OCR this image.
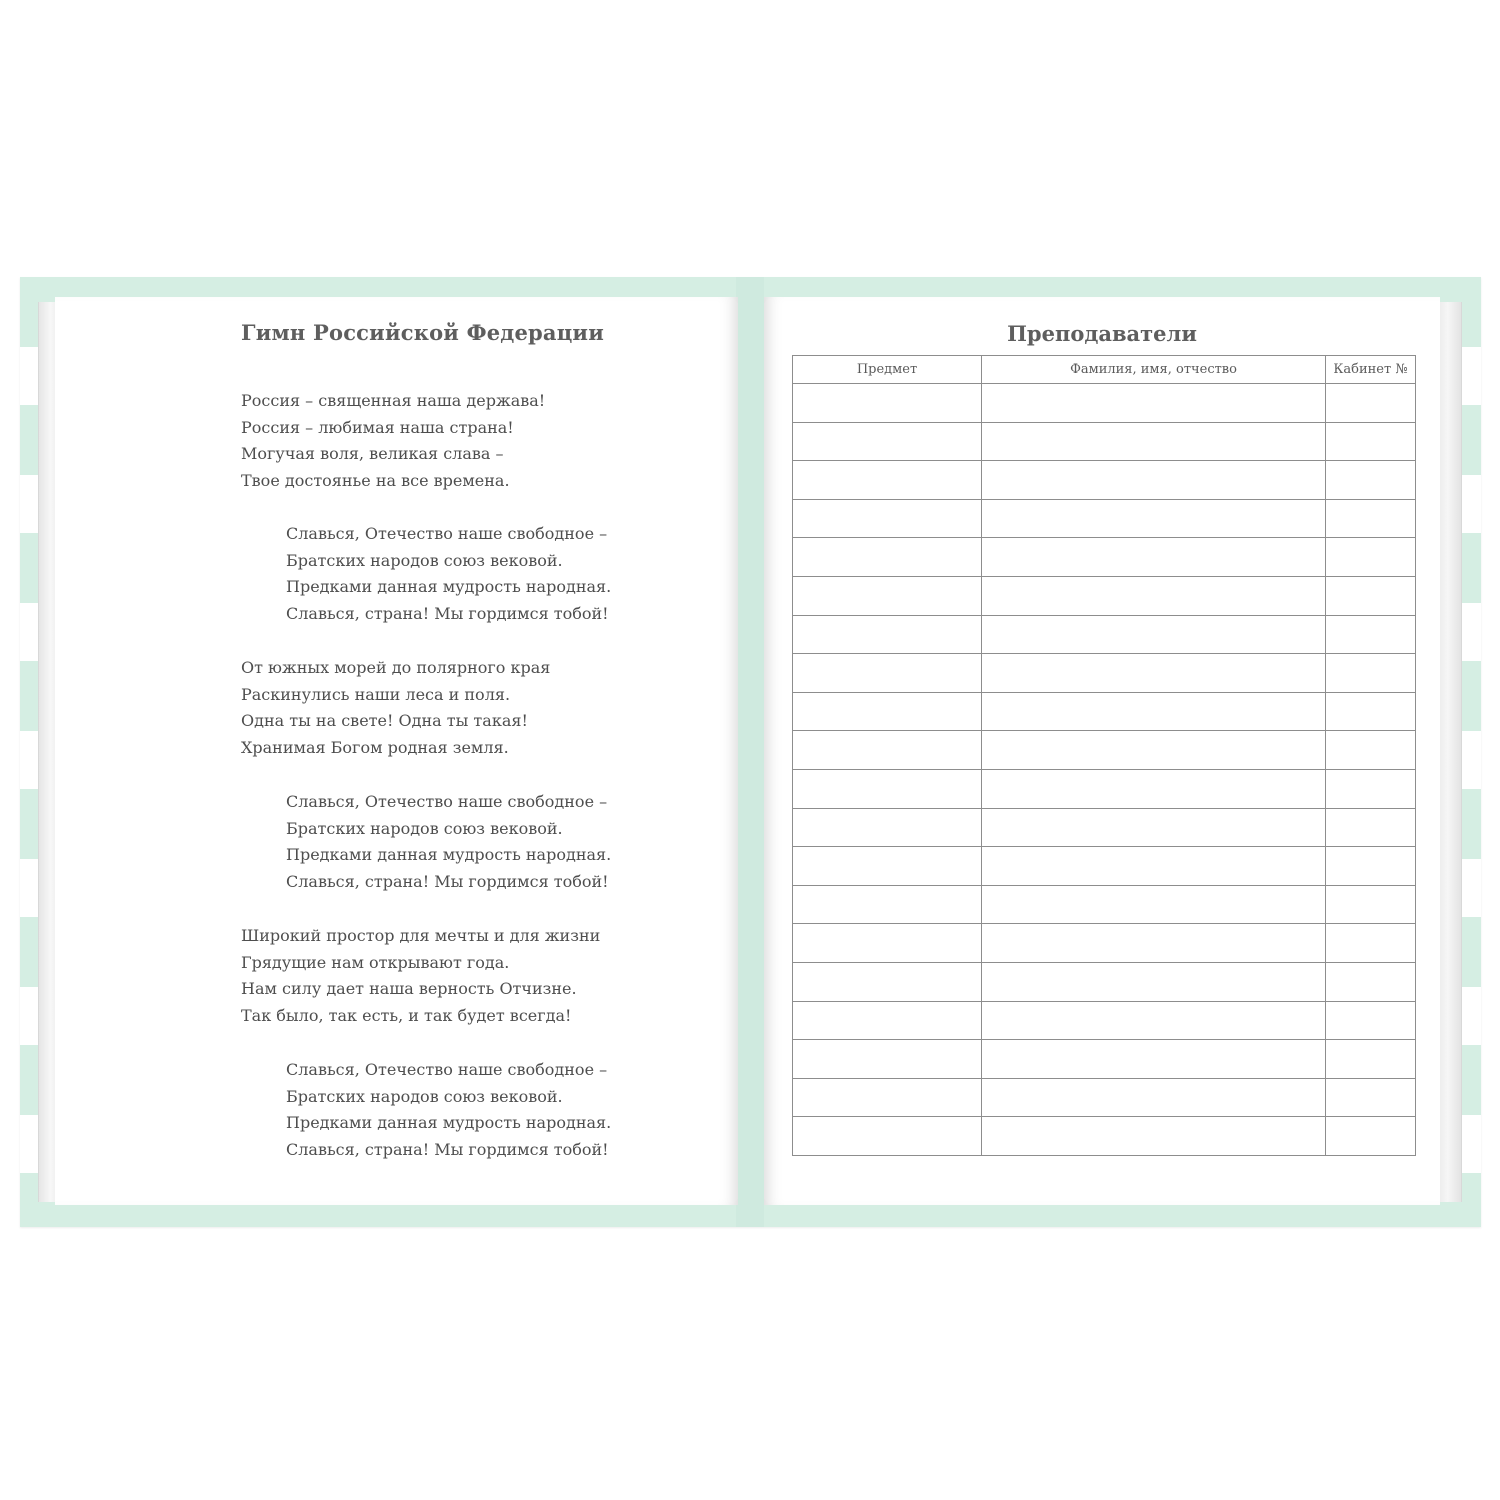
Гимн Российской Федерации
Россия – священная наша держава!
Россия – любимая наша страна!
Могучая воля, великая слава –
Твое достоянье на все времена.
Славься, Отечество наше свободное –
Братских народов союз вековой.
Предками данная мудрость народная.
Славься, страна! Мы гордимся тобой!
От южных морей до полярного края
Раскинулись наши леса и поля.
Одна ты на свете! Одна ты такая!
Хранимая Богом родная земля.
Славься, Отечество наше свободное –
Братских народов союз вековой.
Предками данная мудрость народная.
Славься, страна! Мы гордимся тобой!
Широкий простор для мечты и для жизни
Грядущие нам открывают года.
Нам силу дает наша верность Отчизне.
Так было, так есть, и так будет всегда!
Славься, Отечество наше свободное –
Братских народов союз вековой.
Предками данная мудрость народная.
Славься, страна! Мы гордимся тобой!
Преподаватели
Предмет	Фамилия, имя, отчество	Кабинет №
